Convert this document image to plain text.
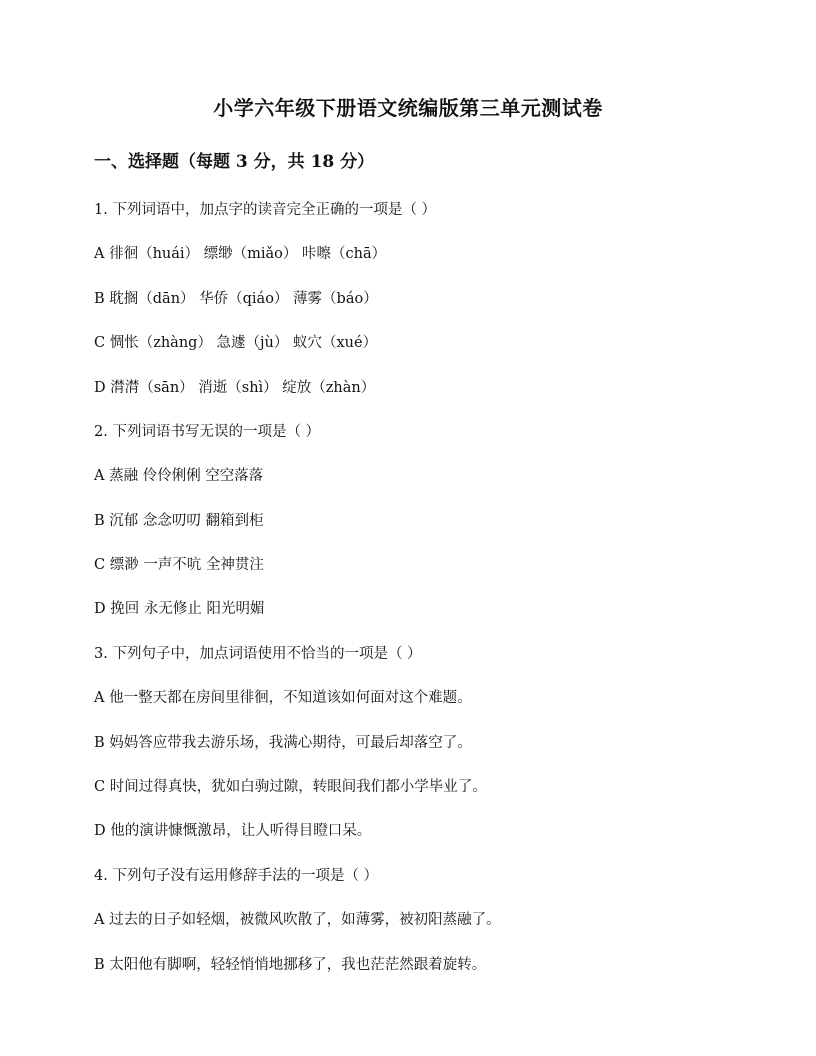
小学六年级下册语文统编版第三单元测试卷
一、选择题（每题 3 分，共 18 分）
1. 下列词语中，加点字的读音完全正确的一项是（ ）
A 徘徊（huái） 缥缈（miǎo） 咔嚓（chā）
B 耽搁（dān） 华侨（qiáo） 薄雾（báo）
C 惆怅（zhàng） 急遽（jù） 蚁穴（xué）
D 潸潸（sān） 消逝（shì） 绽放（zhàn）
2. 下列词语书写无误的一项是（ ）
A 蒸融 伶伶俐俐 空空落落
B 沉郁 念念叨叨 翻箱到柜
C 缥渺 一声不吭 全神贯注
D 挽回 永无修止 阳光明媚
3. 下列句子中，加点词语使用不恰当的一项是（ ）
A 他一整天都在房间里徘徊，不知道该如何面对这个难题。
B 妈妈答应带我去游乐场，我满心期待，可最后却落空了。
C 时间过得真快，犹如白驹过隙，转眼间我们都小学毕业了。
D 他的演讲慷慨激昂，让人听得目瞪口呆。
4. 下列句子没有运用修辞手法的一项是（ ）
A 过去的日子如轻烟，被微风吹散了，如薄雾，被初阳蒸融了。
B 太阳他有脚啊，轻轻悄悄地挪移了，我也茫茫然跟着旋转。
